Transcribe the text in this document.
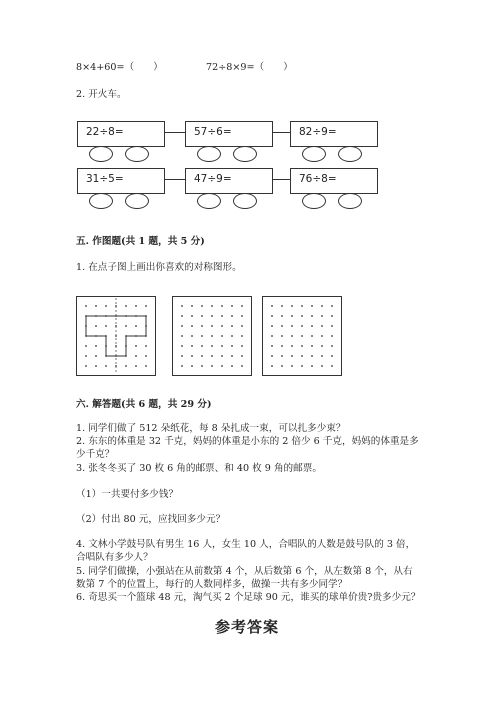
8×4+60=（　　）	72÷8×9=（　　）
2. 开火车。
22÷8=	57÷6=	82÷9=
31÷5=	47÷9=	76÷8=
五. 作图题(共 1 题，共 5 分)
1. 在点子图上画出你喜欢的对称图形。
六. 解答题(共 6 题，共 29 分)
1. 同学们做了 512 朵纸花，每 8 朵扎成一束，可以扎多少束？
2. 东东的体重是 32 千克，妈妈的体重是小东的 2 倍少 6 千克，妈妈的体重是多
少千克？
3. 张冬冬买了 30 枚 6 角的邮票、和 40 枚 9 角的邮票。
（1）一共要付多少钱？
（2）付出 80 元，应找回多少元？
4. 文林小学鼓号队有男生 16 人，女生 10 人，合唱队的人数是鼓号队的 3 倍，
合唱队有多少人？
5. 同学们做操，小强站在从前数第 4 个，从后数第 6 个，从左数第 8 个，从右
数第 7 个的位置上，每行的人数同样多，做操一共有多少同学？
6. 奇思买一个篮球 48 元，淘气买 2 个足球 90 元，谁买的球单价贵?贵多少元？
参考答案
